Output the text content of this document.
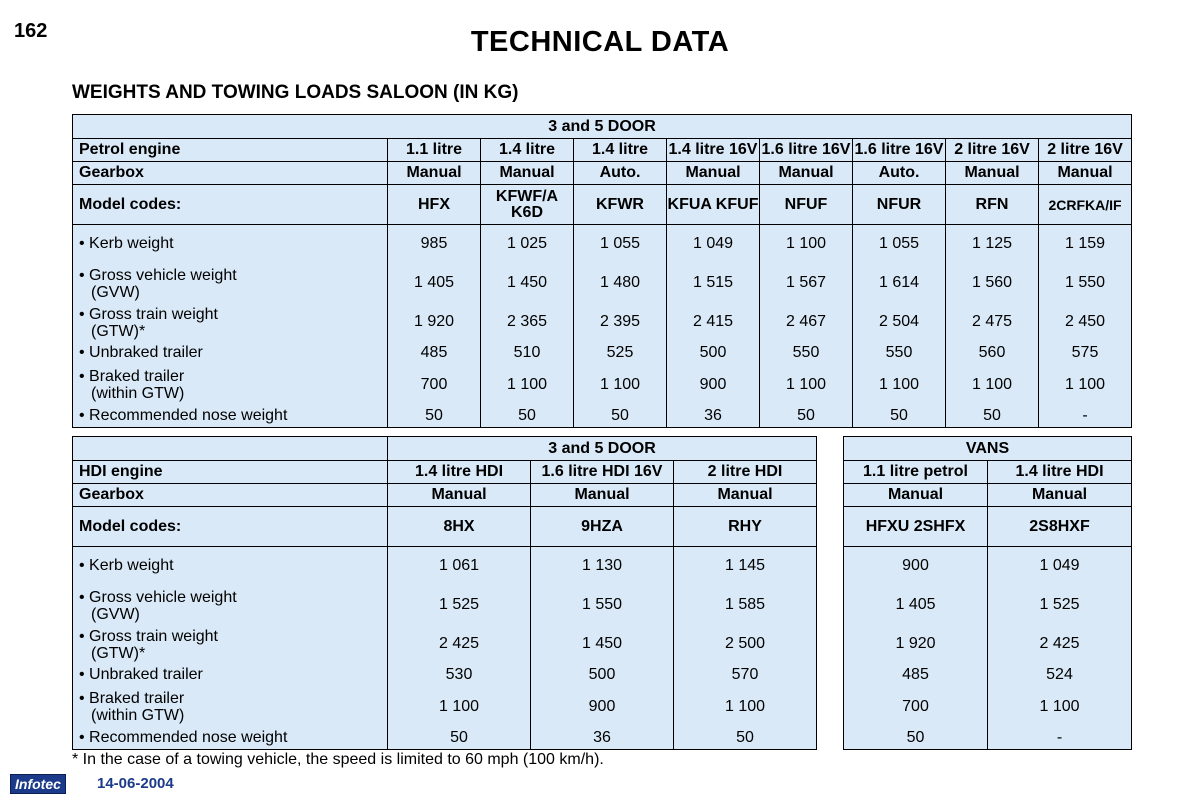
162	TECHNICAL DATA
WEIGHTS AND TOWING LOADS SALOON (IN KG)
3 and 5 DOOR								
Petrol engine	1.1 litre	1.4 litre	1.4 litre	1.4 litre 16V	1.6 litre 16V	1.6 litre 16V	2 litre 16V	2 litre 16V
Gearbox	Manual	Manual	Auto.	Manual	Manual	Auto.	Manual	Manual
Model codes:	HFX	KFWF/A K6D	KFWR	KFUA KFUF	NFUF	NFUR	RFN	2CRFKA/IF

• Kerb weight	985	1 025	1 055	1 049	1 100	1 055	1 125	1 159

• Gross vehicle weight
(GVW)	1 405	1 450	1 480	1 515	1 567	1 614	1 560	1 550

• Gross train weight
(GTW)*	1 920	2 365	2 395	2 415	2 467	2 504	2 475	2 450

• Unbraked trailer	485	510	525	500	550	550	560	575

• Braked trailer
(within GTW)	700	1 100	1 100	900	1 100	1 100	1 100	1 100

• Recommended nose weight	50	50	50	36	50	50	50	-
	3 and 5 DOOR		
HDI engine	1.4 litre HDI	1.6 litre HDI 16V	2 litre HDI
Gearbox	Manual	Manual	Manual
Model codes:	8HX	9HZA	RHY

• Kerb weight	1 061	1 130	1 145

• Gross vehicle weight
(GVW)	1 525	1 550	1 585

• Gross train weight
(GTW)*	2 425	1 450	2 500

• Unbraked trailer	530	500	570

• Braked trailer
(within GTW)	1 100	900	1 100

• Recommended nose weight	50	36	50
VANS	
1.1 litre petrol	1.4 litre HDI
Manual	Manual
HFXU 2SHFX	2S8HXF
900	1 049
1 405	1 525
1 920	2 425
485	524
700	1 100
50	-
* In the case of a towing vehicle, the speed is limited to 60 mph (100 km/h).
Infotec	14-06-2004
